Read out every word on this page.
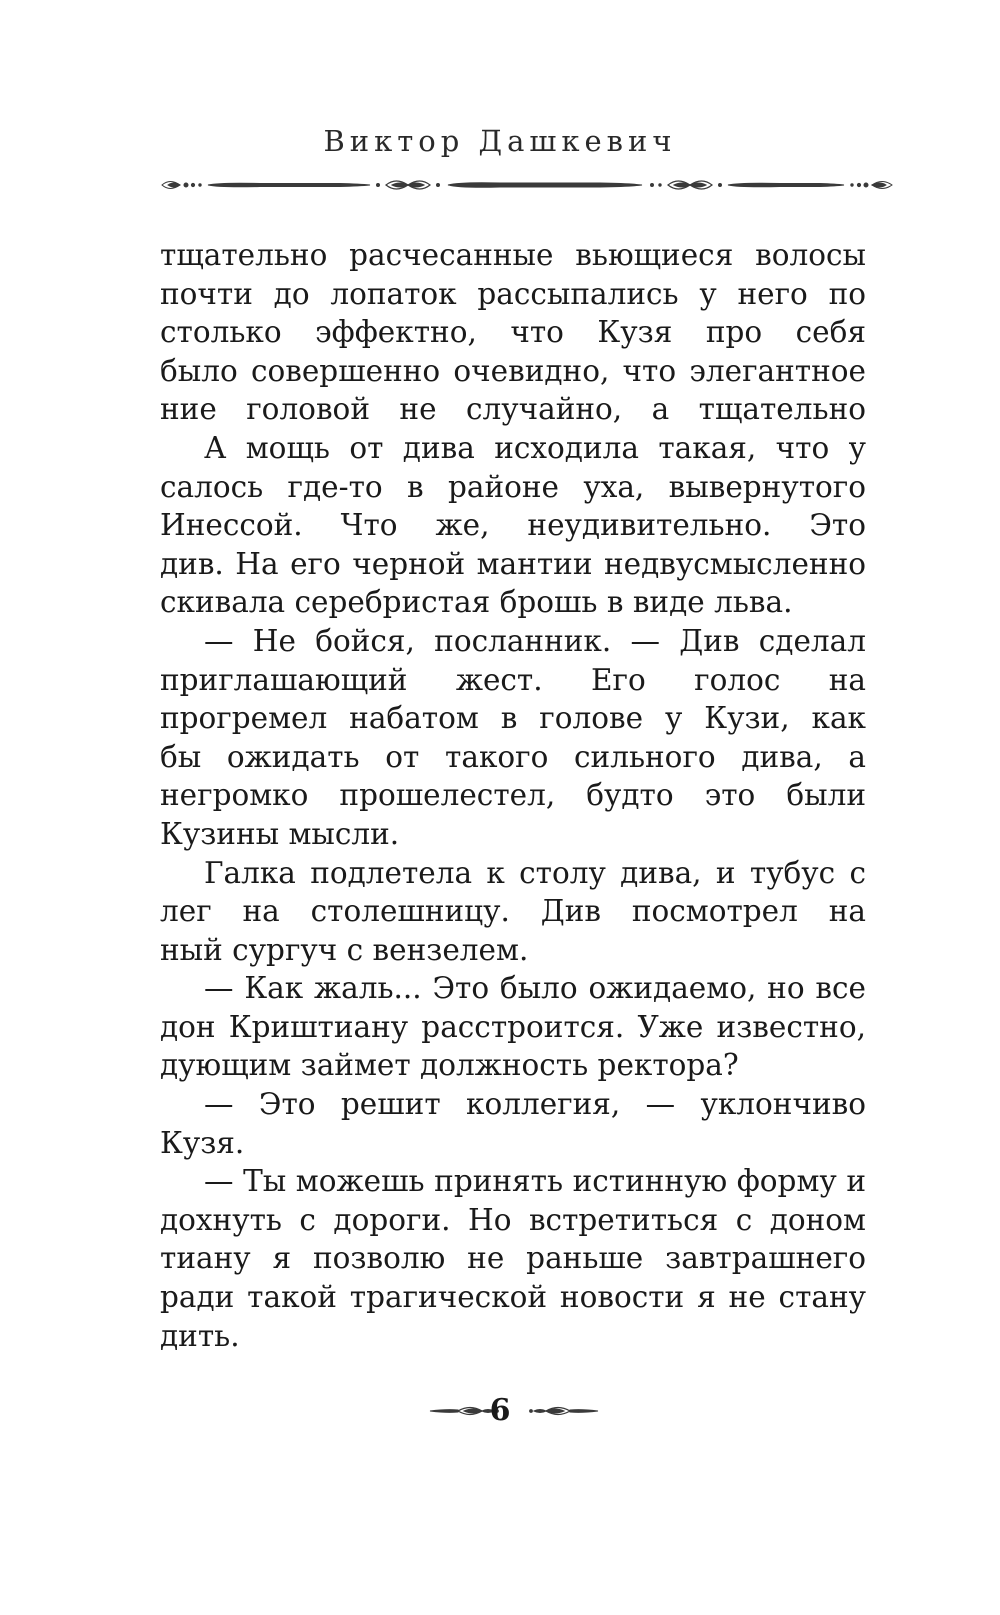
Виктор Дашкевич
тщательно расчесанные вьющиеся волосы
почти до лопаток рассыпались у него по
столько эффектно, что Кузя про себя
было совершенно очевидно, что элегантное
ние головой не случайно, а тщательно
А мощь от дива исходила такая, что у
салось где-то в районе уха, вывернутого
Инессой. Что же, неудивительно. Это
див. На его черной мантии недвусмысленно
скивала серебристая брошь в виде льва.
— Не бойся, посланник. — Див сделал
приглашающий жест. Его голос на
прогремел набатом в голове у Кузи, как
бы ожидать от такого сильного дива, а
негромко прошелестел, будто это были
Кузины мысли.
Галка подлетела к столу дива, и тубус с
лег на столешницу. Див посмотрел на
ный сургуч с вензелем.
— Как жаль... Это было ожидаемо, но все
дон Криштиану расстроится. Уже известно,
дующим займет должность ректора?
— Это решит коллегия, — уклончиво
Кузя.
— Ты можешь принять истинную форму и
дохнуть с дороги. Но встретиться с доном
тиану я позволю не раньше завтрашнего
ради такой трагической новости я не стану
дить.
6
